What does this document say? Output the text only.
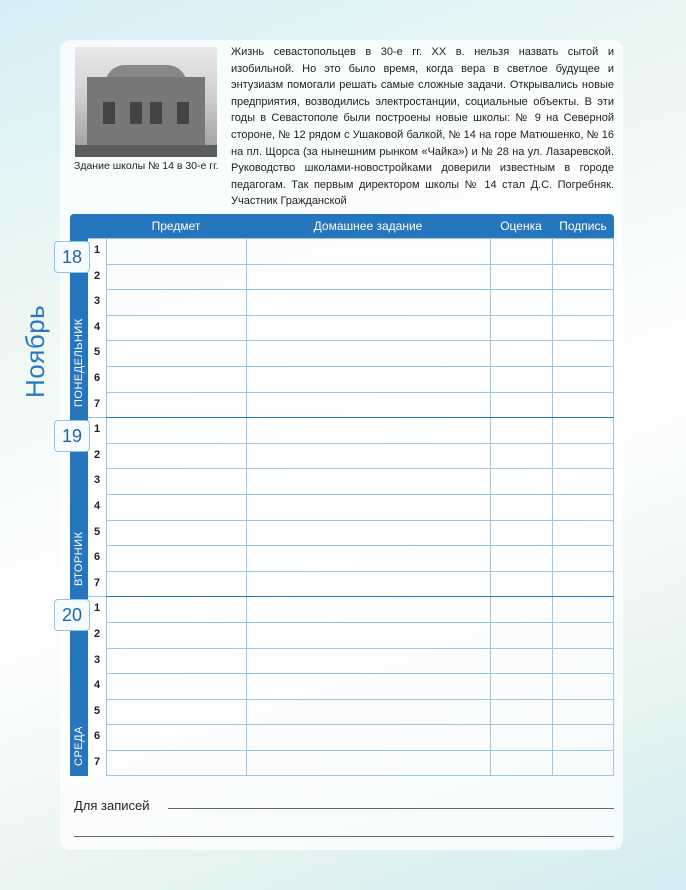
Здание школы № 14 в 30-е гг.

Жизнь севастопольцев в 30-е гг. XX в. нельзя назвать сытой и изобильной. Но это было время, когда вера в светлое будущее и энтузиазм помогали решать самые сложные задачи. Открывались новые предприятия, возводились электростанции, социальные объекты. В эти годы в Севастополе были построены новые школы: № 9 на Северной стороне, № 12 рядом с Ушаковой балкой, № 14 на горе Матюшенко, № 16 на пл. Щорса (за нынешним рынком «Чайка») и № 28 на ул. Лазаревской. Руководство школами-новостройками доверили известным в городе педагогам. Так первым директором школы № 14 стал Д.С. Погребняк. Участник Гражданской

Ноябрь
Предмет	Домашнее задание	Оценка	Подпись
18
ПОНЕДЕЛЬНИК
1
2
3
4
5
6
7
19
ВТОРНИК
1
2
3
4
5
6
7
20
СРЕДА
1
2
3
4
5
6
7
Для записей
